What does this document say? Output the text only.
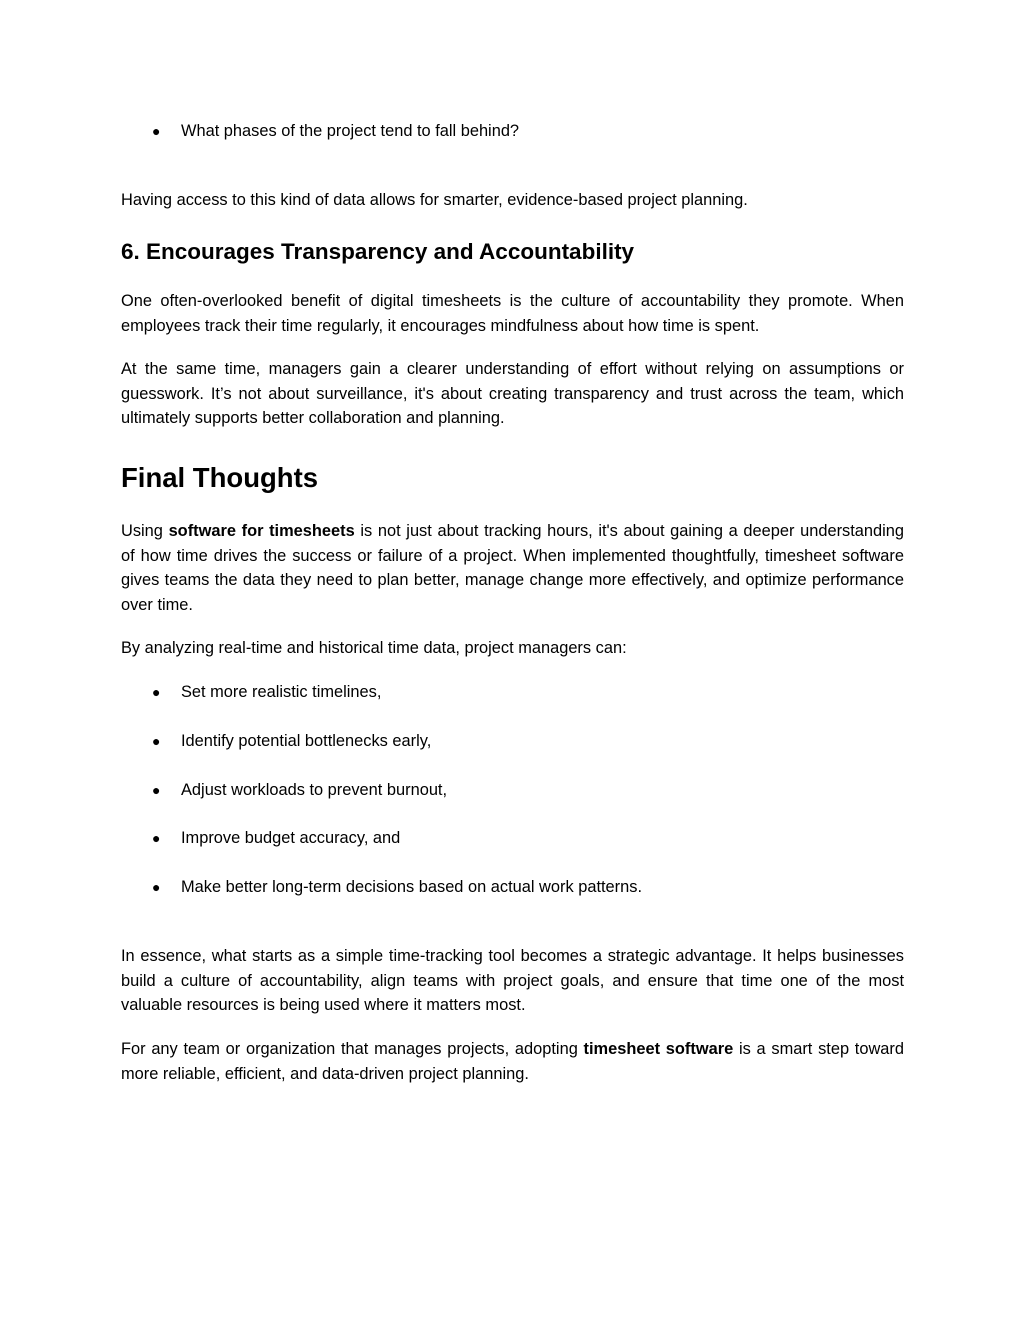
● What phases of the project tend to fall behind?

Having access to this kind of data allows for smarter, evidence-based project planning.

6. Encourages Transparency and Accountability

One often-overlooked benefit of digital timesheets is the culture of accountability they promote. When employees track their time regularly, it encourages mindfulness about how time is spent.

At the same time, managers gain a clearer understanding of effort without relying on assumptions or guesswork. It’s not about surveillance, it's about creating transparency and trust across the team, which ultimately supports better collaboration and planning.

Final Thoughts

Using software for timesheets is not just about tracking hours, it's about gaining a deeper understanding of how time drives the success or failure of a project. When implemented thoughtfully, timesheet software gives teams the data they need to plan better, manage change more effectively, and optimize performance over time.

By analyzing real-time and historical time data, project managers can:

● Set more realistic timelines,
● Identify potential bottlenecks early,
● Adjust workloads to prevent burnout,
● Improve budget accuracy, and
● Make better long-term decisions based on actual work patterns.

In essence, what starts as a simple time-tracking tool becomes a strategic advantage. It helps businesses build a culture of accountability, align teams with project goals, and ensure that time one of the most valuable resources is being used where it matters most.

For any team or organization that manages projects, adopting timesheet software is a smart step toward more reliable, efficient, and data-driven project planning.
